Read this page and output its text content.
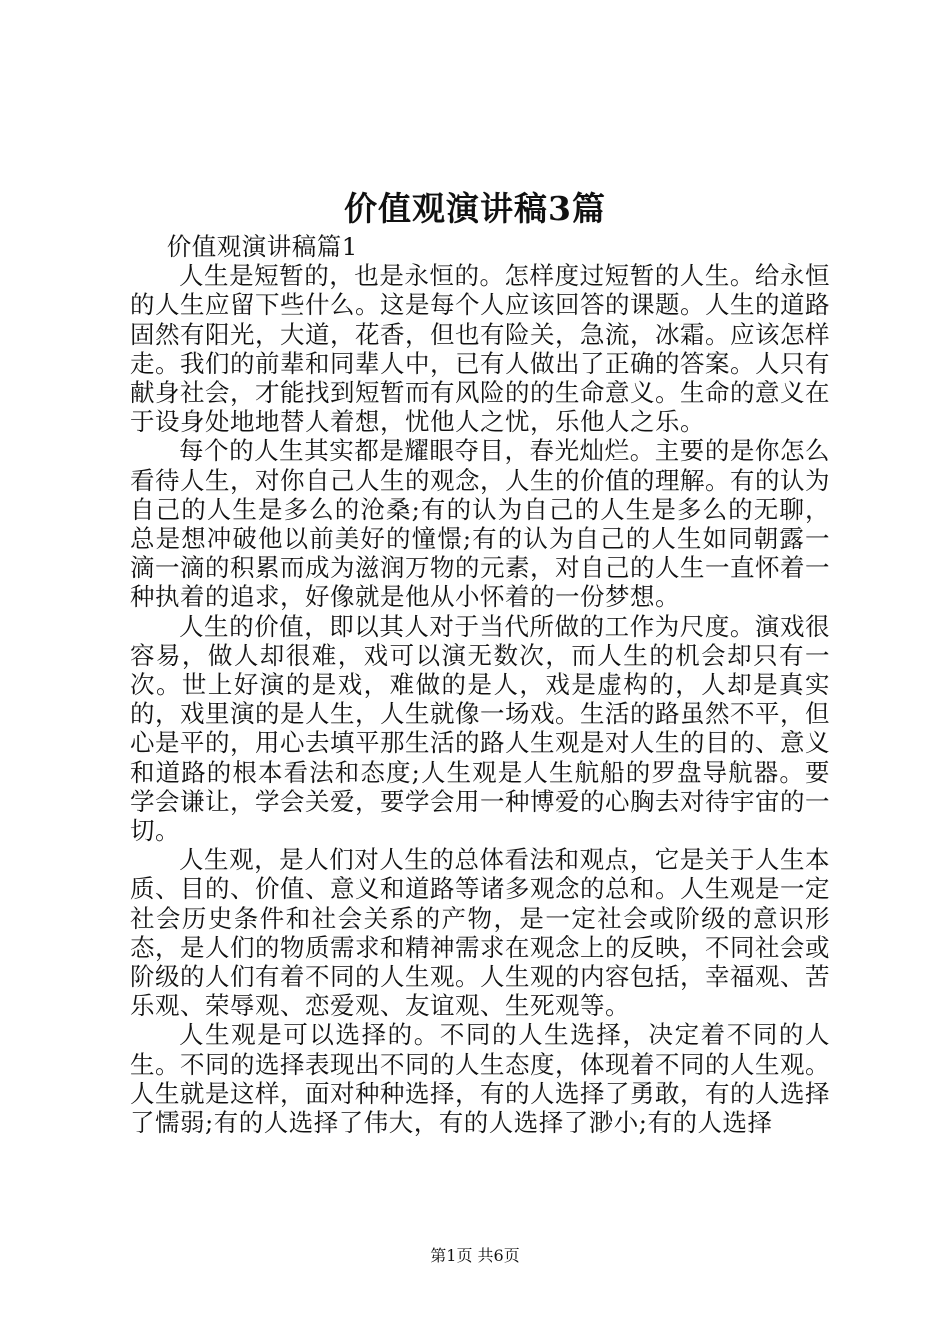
价值观演讲稿3篇

价值观演讲稿篇1

人生是短暂的，也是永恒的。怎样度过短暂的人生。给永恒的人生应留下些什么。这是每个人应该回答的课题。人生的道路固然有阳光，大道，花香，但也有险关，急流，冰霜。应该怎样走。我们的前辈和同辈人中，已有人做出了正确的答案。人只有献身社会，才能找到短暂而有风险的的生命意义。生命的意义在于设身处地地替人着想，忧他人之忧，乐他人之乐。

每个的人生其实都是耀眼夺目，春光灿烂。主要的是你怎么看待人生，对你自己人生的观念，人生的价值的理解。有的认为自己的人生是多么的沧桑;有的认为自己的人生是多么的无聊，总是想冲破他以前美好的憧憬;有的认为自己的人生如同朝露一滴一滴的积累而成为滋润万物的元素，对自己的人生一直怀着一种执着的追求，好像就是他从小怀着的一份梦想。

人生的价值，即以其人对于当代所做的工作为尺度。演戏很容易，做人却很难，戏可以演无数次，而人生的机会却只有一次。世上好演的是戏，难做的是人，戏是虚构的，人却是真实的，戏里演的是人生，人生就像一场戏。生活的路虽然不平，但心是平的，用心去填平那生活的路人生观是对人生的目的、意义和道路的根本看法和态度;人生观是人生航船的罗盘导航器。要学会谦让，学会关爱，要学会用一种博爱的心胸去对待宇宙的一切。

人生观，是人们对人生的总体看法和观点，它是关于人生本质、目的、价值、意义和道路等诸多观念的总和。人生观是一定社会历史条件和社会关系的产物，是一定社会或阶级的意识形态，是人们的物质需求和精神需求在观念上的反映，不同社会或阶级的人们有着不同的人生观。人生观的内容包括，幸福观、苦乐观、荣辱观、恋爱观、友谊观、生死观等。

人生观是可以选择的。不同的人生选择，决定着不同的人生。不同的选择表现出不同的人生态度，体现着不同的人生观。人生就是这样，面对种种选择，有的人选择了勇敢，有的人选择了懦弱;有的人选择了伟大，有的人选择了渺小;有的人选择

第1页 共6页
